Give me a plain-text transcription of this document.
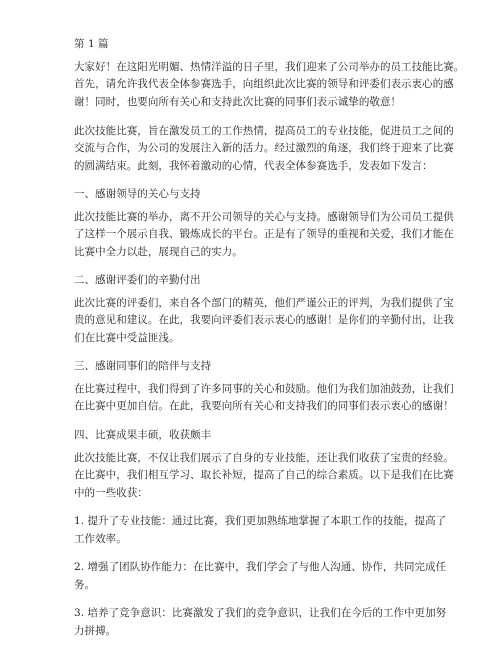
第 1 篇
大家好！在这阳光明媚、热情洋溢的日子里，我们迎来了公司举办的员工技能比赛。
首先，请允许我代表全体参赛选手，向组织此次比赛的领导和评委们表示衷心的感
谢！同时，也要向所有关心和支持此次比赛的同事们表示诚挚的敬意！
此次技能比赛，旨在激发员工的工作热情，提高员工的专业技能，促进员工之间的
交流与合作，为公司的发展注入新的活力。经过激烈的角逐，我们终于迎来了比赛
的圆满结束。此刻，我怀着激动的心情，代表全体参赛选手，发表如下发言：
一、感谢领导的关心与支持
此次技能比赛的举办，离不开公司领导的关心与支持。感谢领导们为公司员工提供
了这样一个展示自我、锻炼成长的平台。正是有了领导的重视和关爱，我们才能在
比赛中全力以赴，展现自己的实力。
二、感谢评委们的辛勤付出
此次比赛的评委们，来自各个部门的精英，他们严谨公正的评判，为我们提供了宝
贵的意见和建议。在此，我要向评委们表示衷心的感谢！是你们的辛勤付出，让我
们在比赛中受益匪浅。
三、感谢同事们的陪伴与支持
在比赛过程中，我们得到了许多同事的关心和鼓励。他们为我们加油鼓劲，让我们
在比赛中更加自信。在此，我要向所有关心和支持我们的同事们表示衷心的感谢！
四、比赛成果丰硕，收获颇丰
此次技能比赛，不仅让我们展示了自身的专业技能，还让我们收获了宝贵的经验。
在比赛中，我们相互学习、取长补短，提高了自己的综合素质。以下是我们在比赛
中的一些收获：
1. 提升了专业技能：通过比赛，我们更加熟练地掌握了本职工作的技能，提高了
工作效率。
2. 增强了团队协作能力：在比赛中，我们学会了与他人沟通、协作，共同完成任
务。
3. 培养了竞争意识：比赛激发了我们的竞争意识，让我们在今后的工作中更加努
力拼搏。
